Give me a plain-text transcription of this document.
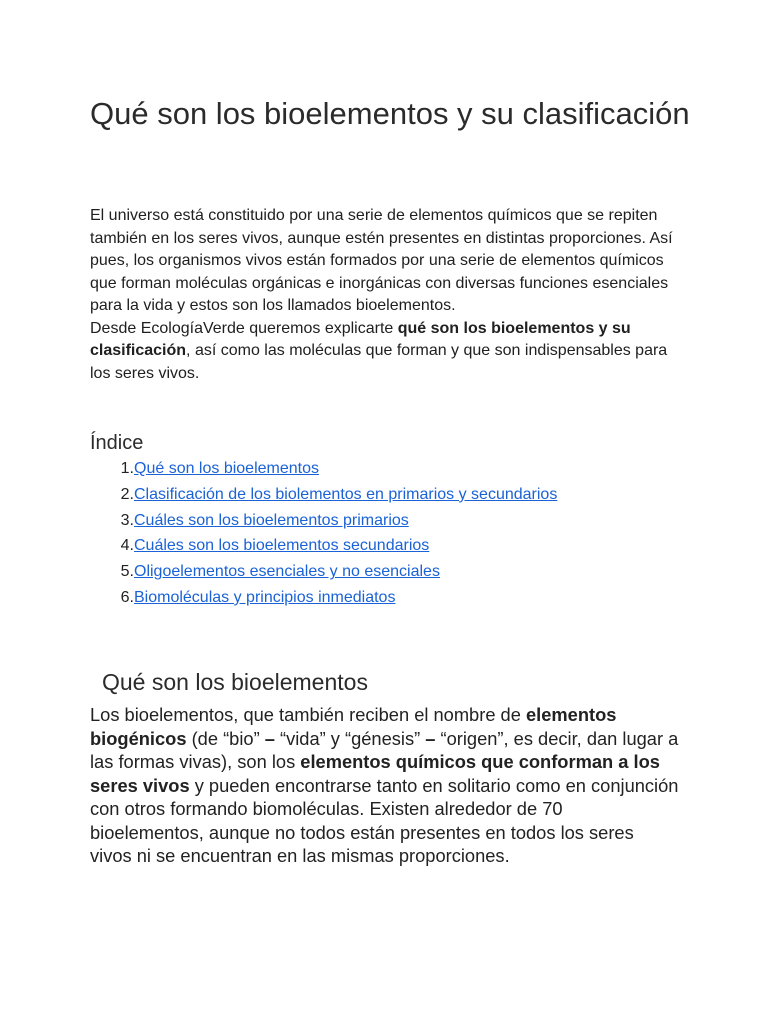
Qué son los bioelementos y su clasificación

El universo está constituido por una serie de elementos químicos que se repiten también en los seres vivos, aunque estén presentes en distintas proporciones. Así pues, los organismos vivos están formados por una serie de elementos químicos que forman moléculas orgánicas e inorgánicas con diversas funciones esenciales para la vida y estos son los llamados bioelementos.
Desde EcologíaVerde queremos explicarte qué son los bioelementos y su clasificación, así como las moléculas que forman y que son indispensables para los seres vivos.

Índice
1.Qué son los bioelementos
2.Clasificación de los biolementos en primarios y secundarios
3.Cuáles son los bioelementos primarios
4.Cuáles son los bioelementos secundarios
5.Oligoelementos esenciales y no esenciales
6.Biomoléculas y principios inmediatos
Qué son los bioelementos

Los bioelementos, que también reciben el nombre de elementos biogénicos (de “bio” – “vida” y “génesis” – “origen”, es decir, dan lugar a las formas vivas), son los elementos químicos que conforman a los seres vivos y pueden encontrarse tanto en solitario como en conjunción con otros formando biomoléculas. Existen alrededor de 70 bioelementos, aunque no todos están presentes en todos los seres vivos ni se encuentran en las mismas proporciones.
